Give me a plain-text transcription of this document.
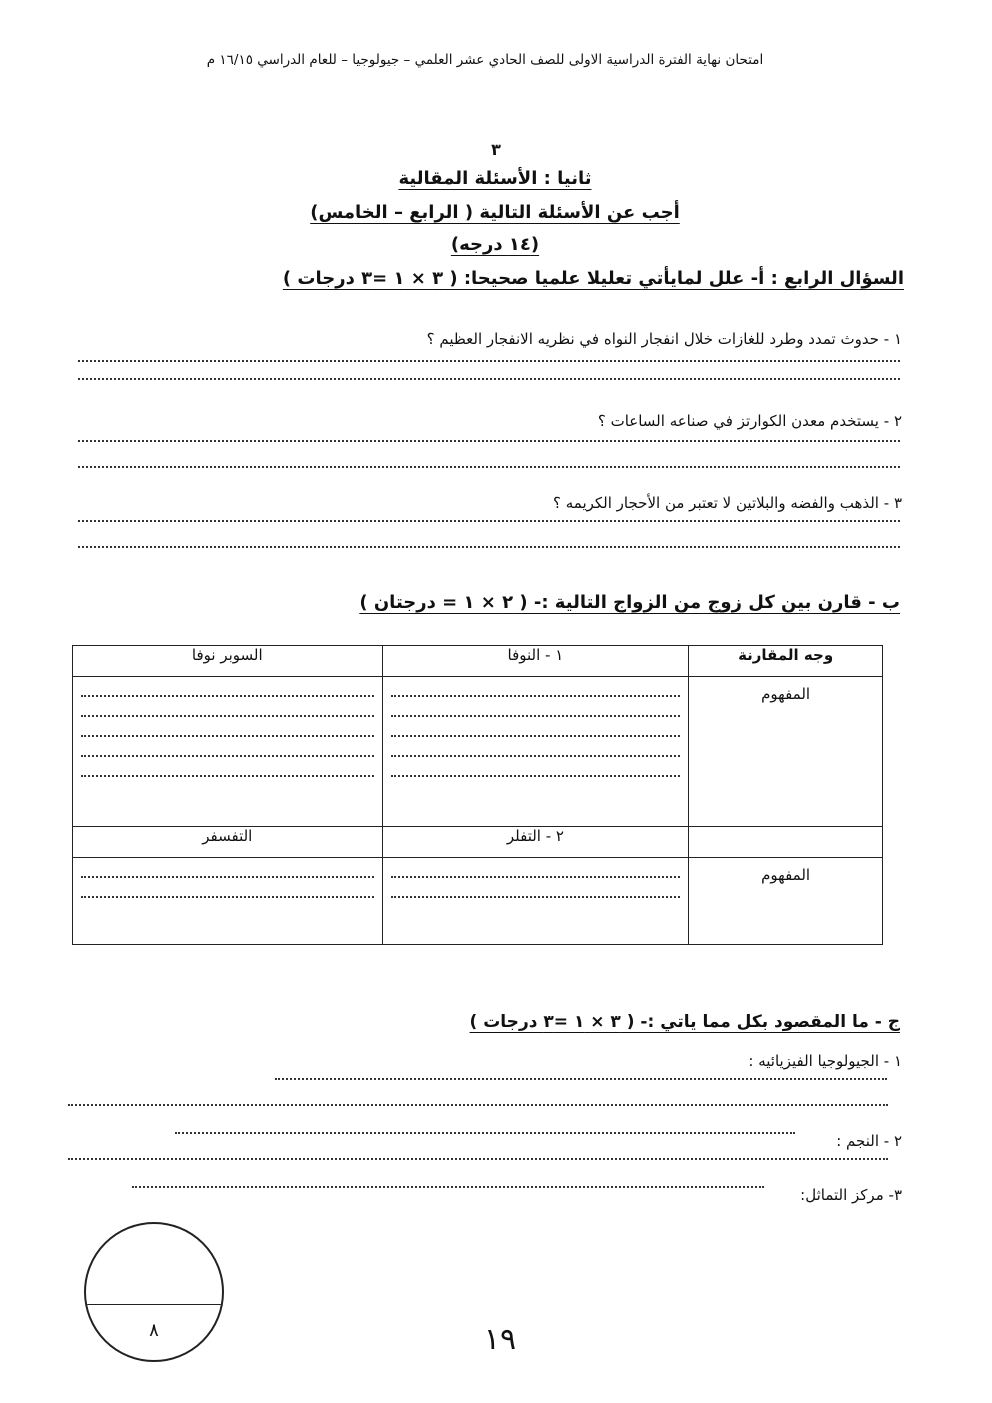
امتحان نهاية الفترة الدراسية الاولى للصف الحادي عشر العلمي – جيولوجيا – للعام الدراسي ١٦/١٥ م
٣
ثانيا : الأسئلة المقالية
أجب عن الأسئلة التالية ( الرابع – الخامس)
(١٤ درجه)
السؤال الرابع : أ- علل لمايأتي تعليلا علميا صحيحا: ( ٣ × ١ =٣ درجات )
١ - حدوث تمدد وطرد للغازات خلال انفجار النواه في نظريه الانفجار العظيم ؟
٢ - يستخدم معدن الكوارتز في صناعه الساعات ؟
٣ - الذهب والفضه والبلاتين لا تعتبر من الأحجار الكريمه ؟
ب - قارن بين كل زوج من الزواج التالية :- ( ٢ × ١ = درجتان )
وجه المقارنة	١ - النوفا	السوبر نوفا

المفهوم		

	٢ - التفلر	التفسفر

المفهوم		

ج - ما المقصود بكل مما ياتي :- ( ٣ × ١ =٣ درجات )
١ - الجيولوجيا الفيزيائيه :
٢ - النجم :
٣- مركز التماثل:
٨	١٩
